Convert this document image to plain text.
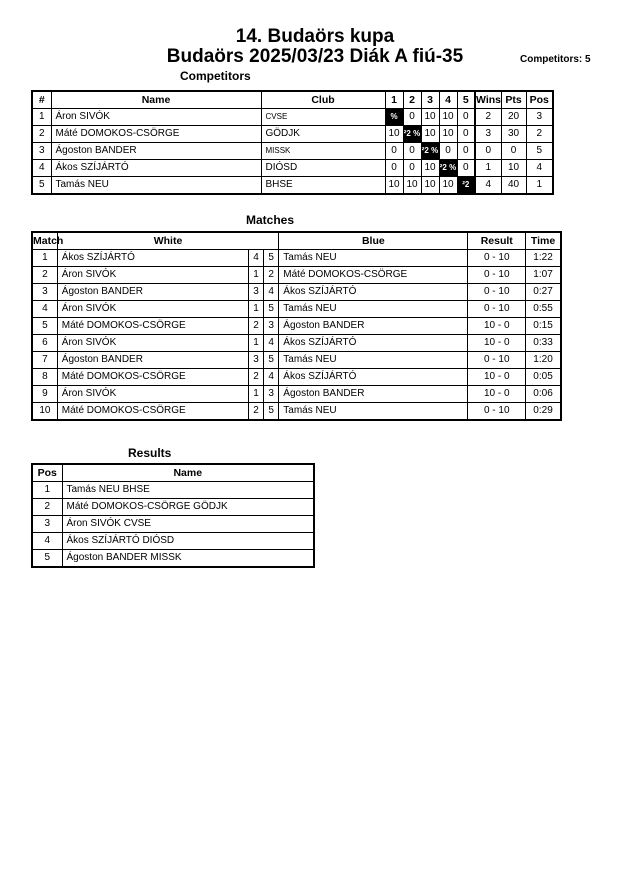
14. Budaörs kupa
Budaörs 2025/03/23 Diák A fiú-35	Competitors: 5
Competitors
#	Name	Club	1	2	3	4	5	Wins	Pts	Pos
1	Áron SIVÓK	CVSE	%	0	10	10	0	2	20	3
2	Máté DOMOKOS-CSÖRGE	GÖDJK	10	²2 %	10	10	0	3	30	2
3	Ágoston BANDER	MISSK	0	0	²2 %	0	0	0	0	5
4	Ákos SZÍJÁRTÓ	DIÓSD	0	0	10	²2 %	0	1	10	4
5	Tamás NEU	BHSE	10	10	10	10	²2	4	40	1
Matches
Match	White			Blue	Result	Time
1	Ákos SZÍJÁRTÓ	4	5	Tamás NEU	0 - 10	1:22
2	Áron SIVÓK	1	2	Máté DOMOKOS-CSÖRGE	0 - 10	1:07
3	Ágoston BANDER	3	4	Ákos SZÍJÁRTÓ	0 - 10	0:27
4	Áron SIVÓK	1	5	Tamás NEU	0 - 10	0:55
5	Máté DOMOKOS-CSÖRGE	2	3	Ágoston BANDER	10 - 0	0:15
6	Áron SIVÓK	1	4	Ákos SZÍJÁRTÓ	10 - 0	0:33
7	Ágoston BANDER	3	5	Tamás NEU	0 - 10	1:20
8	Máté DOMOKOS-CSÖRGE	2	4	Ákos SZÍJÁRTÓ	10 - 0	0:05
9	Áron SIVÓK	1	3	Ágoston BANDER	10 - 0	0:06
10	Máté DOMOKOS-CSÖRGE	2	5	Tamás NEU	0 - 10	0:29
Results
Pos	Name
1	Tamás NEU BHSE
2	Máté DOMOKOS-CSÖRGE GÖDJK
3	Áron SIVÓK CVSE
4	Ákos SZÍJÁRTÓ DIÓSD
5	Ágoston BANDER MISSK
